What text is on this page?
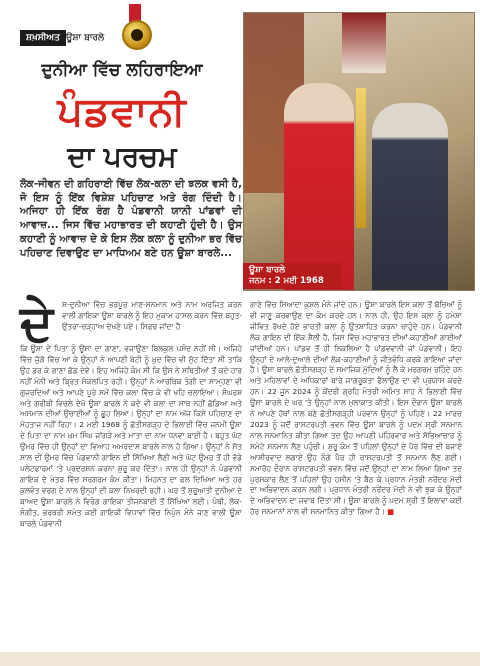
ਸ਼ਖ਼ਸੀਅਤ ਊਸ਼ਾ ਬਾਰਲੇ
ਦੁਨੀਆ ਵਿੱਚ ਲਹਿਰਾਇਆ
ਪੰਡਵਾਨੀ
ਦਾ ਪਰਚਮ
ਲੋਕ-ਜੀਵਨ ਦੀ ਗਹਿਰਾਈ ਵਿੱਚ ਲੋਕ-ਕਲਾ ਦੀ ਝਲਕ ਵਸੀ ਹੈ, ਜੋ ਇਸ ਨੂੰ ਇੱਕ ਵਿਸ਼ੇਸ਼ ਪਹਿਚਾਣ ਅਤੇ ਰੰਗ ਦਿੰਦੀ ਹੈ। ਅਜਿਹਾ ਹੀ ਇੱਕ ਰੰਗ ਹੈ ਪੰਡਵਾਨੀ ਯਾਨੀ ਪਾਂਡਵਾਂ ਦੀ ਆਵਾਜ਼... ਜਿਸ ਵਿੱਚ ਮਹਾਭਾਰਤ ਦੀ ਕਹਾਣੀ ਹੁੰਦੀ ਹੈ। ਉਸ ਕਹਾਣੀ ਨੂੰ ਆਵਾਜ਼ ਦੇ ਕੇ ਇਸ ਲੋਕ ਕਲਾ ਨੂੰ ਦੁਨੀਆ ਭਰ ਵਿੱਚ ਪਹਿਚਾਣ ਦਿਵਾਉਣ ਦਾ ਮਾਧਿਅਮ ਬਣੇ ਹਨ ਊਸ਼ਾ ਬਾਰਲੇ...
ਊਸ਼ਾ ਬਾਰਲੇ
ਜਨਮ : 2 ਮਈ 1968
ਦੇ	ਸ਼-ਦੁਨੀਆ ਵਿੱਚ ਭਰਪੂਰ ਮਾਣ-ਸਨਮਾਨ ਅਤੇ ਨਾਮ ਅਰਜਿਤ ਕਰਨ ਵਾਲੀ ਗਾਇਕਾ ਊਸ਼ਾ ਬਾਰਲੇ ਨੂੰ ਇਹ ਮੁਕਾਮ ਹਾਸਲ ਕਰਨ ਵਿੱਚ ਬਹੁਤ-ਉਤਰਾ-ਚੜ੍ਹਾਅ ਦੇਖਣੇ ਪਏ। ਸਿਫ਼ਰ ਜਾਂਦਾ ਹੈ
ਕਿ ਊਸ਼ਾ ਦੇ ਪਿਤਾ ਨੂੰ ਊਸ਼ਾ ਦਾ ਗਾਣਾ, ਵਜਾਉਣਾ ਬਿਲਕੁਲ ਪਸੰਦ ਨਹੀਂ ਸੀ। ਅਜਿਹੇ ਵਿੱਚ ਜੁੱਗੋ ਵਿੱਚ ਆ ਕੇ ਉਨ੍ਹਾਂ ਨੇ ਆਪਣੀ ਬੇਟੀ ਨੂੰ ਖ਼ੁਦ ਵਿੱਚ ਵੀ ਸੁੱਟ ਦਿੱਤਾ ਸੀ ਤਾਕਿ ਉਹ ਡਰ ਕੇ ਗਾਣਾ ਛੱਡ ਦੇਵੇ। ਇਹ ਅਜਿਹੇ ਕੰਮ ਸੀ ਕਿ ਉਸ ਨੇ ਸਥਿਤੀਆਂ ਤੋਂ ਕਦੇ ਹਾਰ ਨਹੀਂ ਮੰਨੀ ਅਤੇ ਬ੍ਰਿਤ ਸੰਕਲਪਿਤ ਰਹੀ। ਉਨ੍ਹਾਂ ਨੇ ਆਰਥਿਕ ਤੰਗੀ ਦਾ ਸਾਮ੍ਹਣਾ ਵੀ ਗੁਜਰਦਿਆਂ ਅਤੇ ਆਪਣੇ ਪੂਰੇ ਸਮੇਂ ਵਿੱਚ ਕਲਾ ਵਿੱਚ ਕੇ ਵੀ ਖਹਿ ਚਲਾਇਆ। ਸੰਘਰਸ਼ ਅਤੇ ਗਰੀਬੀ ਵਿਚਲੇ ਦੇਖੋ ਊਸ਼ਾ ਬਾਰਲੇ ਨੇ ਕਦੇ ਵੀ ਕਲਾ ਦਾ ਸਾਥ ਨਹੀਂ ਛੱਡਿਆ ਅਤੇ ਅਸਮਾਨ ਦੀਆਂ ਉਚਾਈਆਂ ਨੂੰ ਛੂਹ ਲਿਆ। ਉਨ੍ਹਾਂ ਦਾ ਨਾਮ ਅੱਜ ਕਿਸੇ ਪਹਿਚਾਣ ਦਾ ਮੋਹਤਾਜ ਨਹੀਂ ਰਿਹਾ। 2 ਮਈ 1968 ਨੂੰ ਛੱਤੀਸਗੜ੍ਹ ਦੇ ਭਿਲਾਈ ਵਿੱਚ ਜਨਮੀ ਊਸ਼ਾ ਦੇ ਪਿਤਾ ਦਾ ਨਾਮ ਖ਼ਮ ਸਿੰਘ ਜਾਂਗੜੇ ਅਤੇ ਮਾਤਾ ਦਾ ਨਾਮ ਧਨਵਾ ਬਾਈ ਹੈ। ਬਹੁਤ ਘੱਟ ਉਮਰ ਵਿੱਚ ਹੀ ਉਨ੍ਹਾਂ ਦਾ ਵਿਆਹ ਅਮਰਦਾਸ ਬਾਰਲੇ ਨਾਲ ਹੋ ਗਿਆ। ਉਨ੍ਹਾਂ ਨੇ ਸੱਤ ਸਾਲ ਦੀ ਉਮਰ ਵਿੱਚ ਪੰਡਵਾਨੀ ਗਾਇਨ ਦੀ ਸਿੱਖਿਆ ਲੈਣੀ ਅਤੇ ਘੱਟ ਉਮਰ ਤੋਂ ਹੀ ਵੱਡੇ ਪਲੇਟਫਾਰਮਾਂ 'ਤੇ ਪ੍ਰਦਰਸ਼ਨ ਕਰਨਾ ਸ਼ੁਰੂ ਕਰ ਦਿੱਤਾ। ਨਾਲ ਹੀ ਉਨ੍ਹਾਂ ਨੇ ਪੰਡਵਾਨੀ ਗਾਇਕ ਦੇ ਖੇਤਰ ਵਿੱਚ ਸਰਗਰਮ ਕੰਮ ਕੀਤਾ। ਮਿਹਨਤ ਦਾ ਫਲ ਦਿਖਿਆ ਅਤੇ ਹਰ ਕੁਲਵੰਤ ਵਰਗ ਦੇ ਨਾਲ ਉਨ੍ਹਾਂ ਦੀ ਕਲਾ ਨਿਖਰਦੀ ਰਹੀ। ਘਰ ਤੋਂ ਸ਼ੁਰੂਆਤੀ ਦੁਨੀਆ ਦੇ ਬਾਅਦ ਊਸ਼ਾ ਬਾਰਲੇ ਨੇ ਵਿਰੰਗ ਗਾਇਕਾ ਤੀਜਨਬਾਈ ਤੋਂ ਸਿੱਖਿਆ ਲਈ। ਪੰਥੀ, ਲੋਕ-ਸੰਗੀਤ, ਭਰਥਰੀ ਸਮੇਤ ਕਈ ਗਾਇਕੀ ਵਿਧਾਵਾਂ ਵਿੱਚ ਨਿਪੁੰਨ ਮੰਨੇ ਜਾਣ ਵਾਲੀ ਊਸ਼ਾ ਬਾਰਲੇ ਪੰਡਵਾਨੀ
ਗਾਣੇ ਵਿੱਚ ਸਿਆਦਾ ਕੁਸ਼ਲ ਮੰਨੇ ਜਾਂਦੇ ਹਨ। ਊਸ਼ਾ ਬਾਰਲੇ ਇਸ ਕਲਾ ਤੋਂ ਬੱਚਿਆਂ ਨੂੰ ਵੀ ਜਾਣੂ ਕਰਵਾਉਣ ਦਾ ਕੰਮ ਕਰਦੇ ਹਨ। ਨਾਲ ਹੀ, ਉਹ ਇਸ ਕਲਾ ਨੂੰ ਹਮੇਸ਼ਾ ਜੀਵਿਤ ਰੱਖਦੇ ਹੋਏ ਭਾਰਤੀ ਕਲਾ ਨੂੰ ਉਤਸ਼ਾਹਿਤ ਕਰਨਾ ਚਾਹੁੰਦੇ ਹਨ। ਪੰਡਵਾਨੀ ਲੋਕ ਗਾਇਨ ਦੀ ਇੱਕ ਸ਼ੈਲੀ ਹੈ, ਜਿਸ ਵਿੱਚ ਮਹਾਭਾਰਤ ਦੀਆਂ ਕਹਾਣੀਆਂ ਗਾਈਆਂ ਜਾਂਦੀਆਂ ਹਨ। ਪਾਂਡਵ ਤੋਂ ਹੀ ਨਿਕਲਿਆ ਹੈ ਪਾਂਡਵਵਾਨੀ ਜਾਂ ਪੰਡਵਾਨੀ। ਇਹ ਉਨ੍ਹਾਂ ਦੇ ਆਲੇ-ਦੁਆਲੇ ਦੀਆਂ ਲੋਕ-ਕਹਾਣੀਆਂ ਨੂੰ ਜੀਤਵੰਧਿ ਕਰਕੇ ਗਾਇਆ ਜਾਂਦਾ ਹੈ। ਊਸ਼ਾ ਬਾਰਲੇ ਛੱਤੀਸਗੜ੍ਹ ਦੇ ਸਮਾਜਿਕ ਮੁੱਦਿਆਂ ਨੂੰ ਲੈ ਕੇ ਮਰਗਰਮ ਰਹਿੰਦੇ ਹਨ ਅਤੇ ਮਹਿਲਾਵਾਂ ਦੇ ਅਧਿਕਾਰਾਂ ਬਾਰੇ ਜਾਗਰੂਕਤਾ ਫੈਲਾਉਣ ਦਾ ਵੀ ਪ੍ਰਯਾਸ ਕਰਦੇ ਹਨ। 22 ਜੂਨ 2024 ਨੂੰ ਕੇਂਦਰੀ ਗ੍ਰਹਿ ਮੰਤਰੀ ਅਮਿਤ ਸ਼ਾਹ ਨੇ ਭਿਲਾਈ ਵਿੱਚ ਊਸ਼ਾ ਬਾਰਲੇ ਦੇ ਘਰ 'ਤੇ ਉਨ੍ਹਾਂ ਨਾਲ ਮੁਲਾਕਾਤ ਕੀਤੀ। ਇਸ ਦੌਰਾਨ ਊਸ਼ਾ ਬਾਰਲੇ ਨੇ ਆਪਣੇ ਹੱਥਾਂ ਨਾਲ ਬਣੇ ਛੱਤੀਸਗੜ੍ਹੀ ਪਰਵਾਨ ਉਨ੍ਹਾਂ ਨੂੰ ਪਹਿਣੇ। 22 ਮਾਰਚ 2023 ਨੂੰ ਜਦੋਂ ਰਾਸ਼ਟਰਪਤੀ ਭਵਨ ਵਿੱਚ ਊਸ਼ਾ ਬਾਰਲੇ ਨੂੰ ਪਦਮ ਸ਼੍ਰੀ ਸਨਮਾਨ ਨਾਲ ਸਨਮਾਨਿਤ ਕੀਤਾ ਗਿਆ ਤਦ ਉਹ ਆਪਣੀ ਪਹਿਰਵਾਰ ਅਤੇ ਸੱਭਿਆਚਾਰ ਨੂੰ ਸਮੇਟੇ ਸਨਮਾਨ ਲੈਣ ਪਹੁੰਚੀ। ਸ਼ੁਰੂ ਕੰਮ ਤੋਂ ਪਹਿਲਾਂ ਉਨ੍ਹਾਂ ਦੇ ਪੈਰ ਵਿੱਚ ਦੀ ਬਜਾਏ ਆਸ਼ੀਰਵਾਦ ਲਗਾਏ ਉਹ ਨੰਗੇ ਪੈਰ ਹੀ ਰਾਸ਼ਟਰਪਤੀ ਤੋਂ ਸਨਮਾਨ ਲੈਣ ਗਈ। ਸਮਾਰੋਹ ਦੌਰਾਨ ਰਾਸ਼ਟਰਪਤੀ ਭਵਨ ਵਿੱਚ ਜਦੋਂ ਉਨ੍ਹਾਂ ਦਾ ਨਾਮ ਲਿਆ ਗਿਆ ਤਦ ਪੁਰਸਕਾਰ ਲੈਣ ਤੋਂ ਪਹਿਲਾਂ ਉਹ ਹਸੀਨ 'ਤੇ ਬੈਠ ਕੇ ਪ੍ਰਧਾਨ ਮੰਤਰੀ ਨਰੇਂਦਰ ਮੋਦੀ ਦਾ ਅਭਿਵਾਦਨ ਕਰਨ ਲਗੀ। ਪ੍ਰਧਾਨ ਮੰਤਰੀ ਨਰੇਂਦਰ ਮੋਦੀ ਨੇ ਵੀ ਝੁਕ ਕੇ ਉਨ੍ਹਾਂ ਦੇ ਅਭਿਵਾਦਨ ਦਾ ਜਵਾਬ ਦਿੱਤਾ ਸੀ। ਊਸ਼ਾ ਬਾਰਲੇ ਨੂੰ ਪਦਮ ਸ਼੍ਰੀ ਤੋਂ ਇਲਾਵਾ ਕਈ ਹੋਰ ਸਨਮਾਨਾਂ ਨਾਲ ਵੀ ਸਨਮਾਨਿਤ ਕੀਤਾ ਗਿਆ ਹੈ। ■
